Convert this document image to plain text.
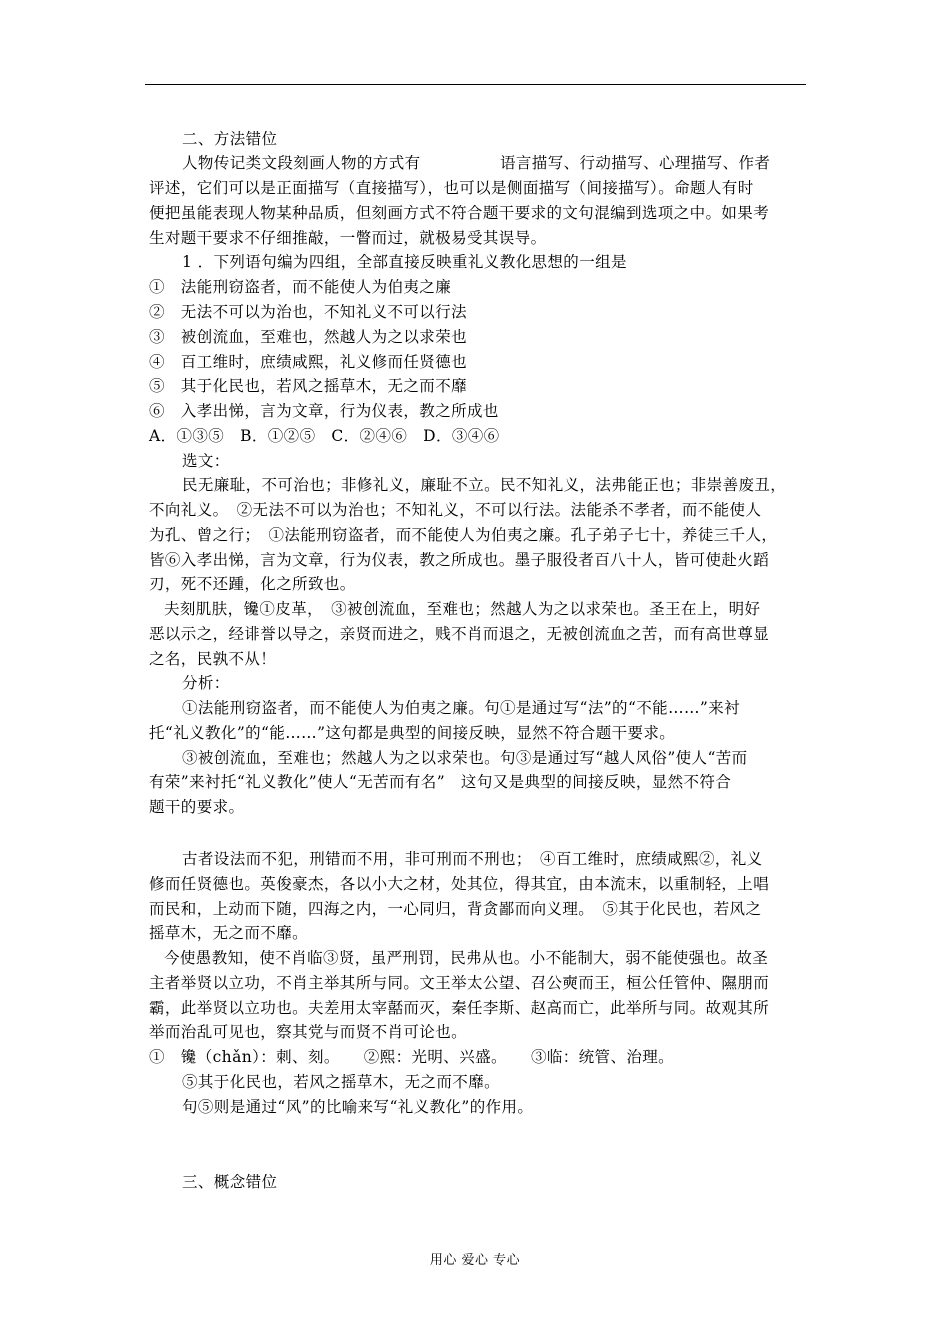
二、方法错位
人物传记类文段刻画人物的方式有　　　　　语言描写、行动描写、心理描写、作者
评述，它们可以是正面描写（直接描写），也可以是侧面描写（间接描写）。命题人有时
便把虽能表现人物某种品质，但刻画方式不符合题干要求的文句混编到选项之中。如果考
生对题干要求不仔细推敲，一瞥而过，就极易受其误导。
1 ．下列语句编为四组，全部直接反映重礼义教化思想的一组是
①　法能刑窃盗者，而不能使人为伯夷之廉
②　无法不可以为治也，不知礼义不可以行法
③　被创流血，至难也，然越人为之以求荣也
④　百工维时，庶绩咸熙，礼义修而任贤德也
⑤　其于化民也，若风之摇草木，无之而不靡
⑥　入孝出悌，言为文章，行为仪表，教之所成也
A．①③⑤　B．①②⑤　C．②④⑥　D．③④⑥
选文：
民无廉耻，不可治也；非修礼义，廉耻不立。民不知礼义，法弗能正也；非崇善废丑，
不向礼义。　②无法不可以为治也；不知礼义，不可以行法。法能杀不孝者，而不能使人
为孔、曾之行；　①法能刑窃盗者，而不能使人为伯夷之廉。孔子弟子七十，养徒三千人，
皆⑥入孝出悌，言为文章，行为仪表，教之所成也。墨子服役者百八十人，皆可使赴火蹈
刃，死不还踵，化之所致也。
夫刻肌肤，镵①皮革，　③被创流血，至难也；然越人为之以求荣也。圣王在上，明好
恶以示之，经诽誉以导之，亲贤而进之，贱不肖而退之，无被创流血之苦，而有高世尊显
之名，民孰不从！
分析：
①法能刑窃盗者，而不能使人为伯夷之廉。句①是通过写“法”的“不能……”来衬
托“礼义教化”的“能……”这句都是典型的间接反映，显然不符合题干要求。
③被创流血，至难也；然越人为之以求荣也。句③是通过写“越人风俗”使人“苦而
有荣”来衬托“礼义教化”使人“无苦而有名”　这句又是典型的间接反映，显然不符合
题干的要求。
古者设法而不犯，刑错而不用，非可刑而不刑也；　④百工维时，庶绩咸熙②，礼义
修而任贤德也。英俊豪杰，各以小大之材，处其位，得其宜，由本流末，以重制轻，上唱
而民和，上动而下随，四海之内，一心同归，背贪鄙而向义理。　⑤其于化民也，若风之
摇草木，无之而不靡。
今使愚教知，使不肖临③贤，虽严刑罚，民弗从也。小不能制大，弱不能使强也。故圣
主者举贤以立功，不肖主举其所与同。文王举太公望、召公奭而王，桓公任管仲、隰朋而
霸，此举贤以立功也。夫差用太宰嚭而灭，秦任李斯、赵高而亡，此举所与同。故观其所
举而治乱可见也，察其党与而贤不肖可论也。
①　镵（chǎn）：刺、刻。　　②熙：光明、兴盛。　　③临：统管、治理。
⑤其于化民也，若风之摇草木，无之而不靡。
句⑤则是通过“风”的比喻来写“礼义教化”的作用。
三、概念错位
用心 爱心 专心
